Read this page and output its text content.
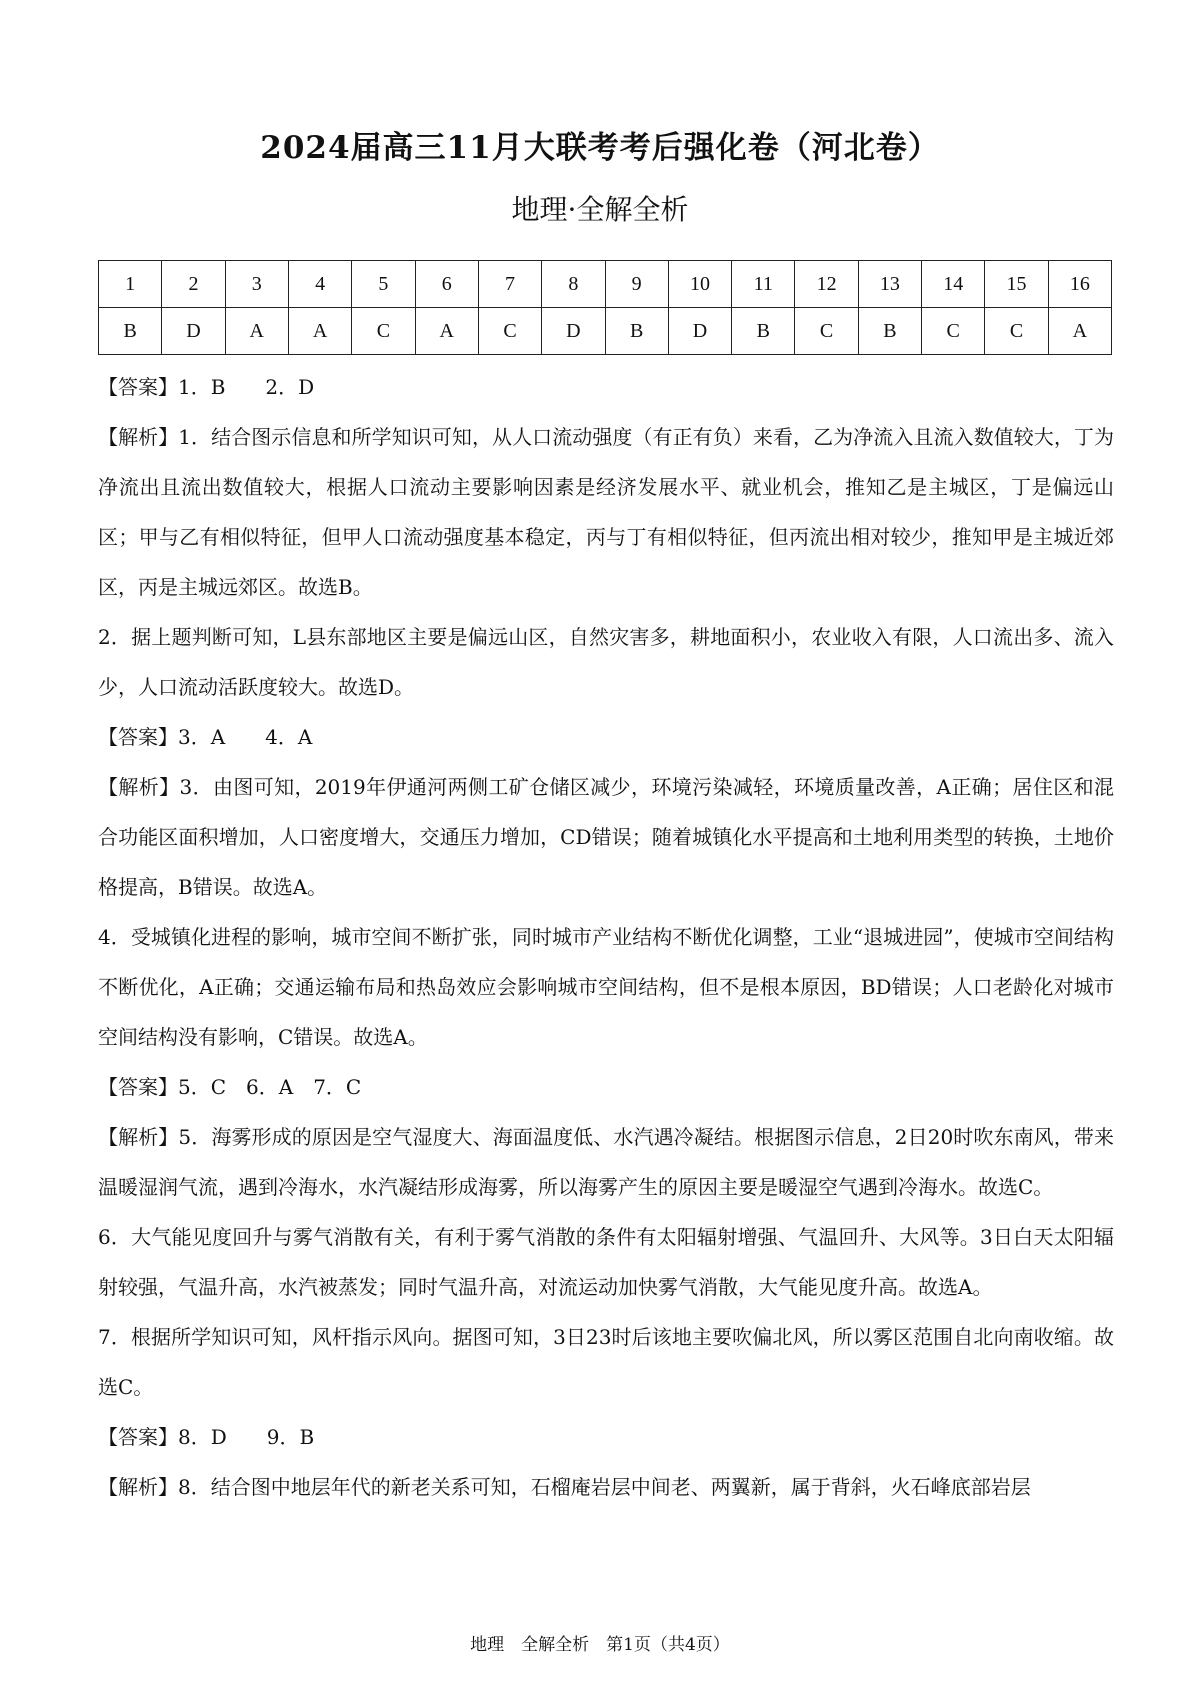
2024届高三11月大联考考后强化卷（河北卷）
地理·全解全析
1	2	3	4	5	6	7	8	9	10	11	12	13	14	15	16
B	D	A	A	C	A	C	D	B	D	B	C	B	C	C	A

【答案】1．B　　2．D

【解析】1．结合图示信息和所学知识可知，从人口流动强度（有正有负）来看，乙为净流入且流入数值较大，丁为净流出且流出数值较大，根据人口流动主要影响因素是经济发展水平、就业机会，推知乙是主城区，丁是偏远山区；甲与乙有相似特征，但甲人口流动强度基本稳定，丙与丁有相似特征，但丙流出相对较少，推知甲是主城近郊区，丙是主城远郊区。故选B。

2．据上题判断可知，L县东部地区主要是偏远山区，自然灾害多，耕地面积小，农业收入有限，人口流出多、流入少，人口流动活跃度较大。故选D。

【答案】3．A　　4．A

【解析】3．由图可知，2019年伊通河两侧工矿仓储区减少，环境污染减轻，环境质量改善，A正确；居住区和混合功能区面积增加，人口密度增大，交通压力增加，CD错误；随着城镇化水平提高和土地利用类型的转换，土地价格提高，B错误。故选A。

4．受城镇化进程的影响，城市空间不断扩张，同时城市产业结构不断优化调整，工业“退城进园”，使城市空间结构不断优化，A正确；交通运输布局和热岛效应会影响城市空间结构，但不是根本原因，BD错误；人口老龄化对城市空间结构没有影响，C错误。故选A。

【答案】5．C　6．A　7．C

【解析】5．海雾形成的原因是空气湿度大、海面温度低、水汽遇冷凝结。根据图示信息，2日20时吹东南风，带来温暖湿润气流，遇到冷海水，水汽凝结形成海雾，所以海雾产生的原因主要是暖湿空气遇到冷海水。故选C。

6．大气能见度回升与雾气消散有关，有利于雾气消散的条件有太阳辐射增强、气温回升、大风等。3日白天太阳辐射较强，气温升高，水汽被蒸发；同时气温升高，对流运动加快雾气消散，大气能见度升高。故选A。

7．根据所学知识可知，风杆指示风向。据图可知，3日23时后该地主要吹偏北风，所以雾区范围自北向南收缩。故选C。

【答案】8．D　　9．B

【解析】8．结合图中地层年代的新老关系可知，石榴庵岩层中间老、两翼新，属于背斜，火石峰底部岩层

地理　全解全析　第1页（共4页）
